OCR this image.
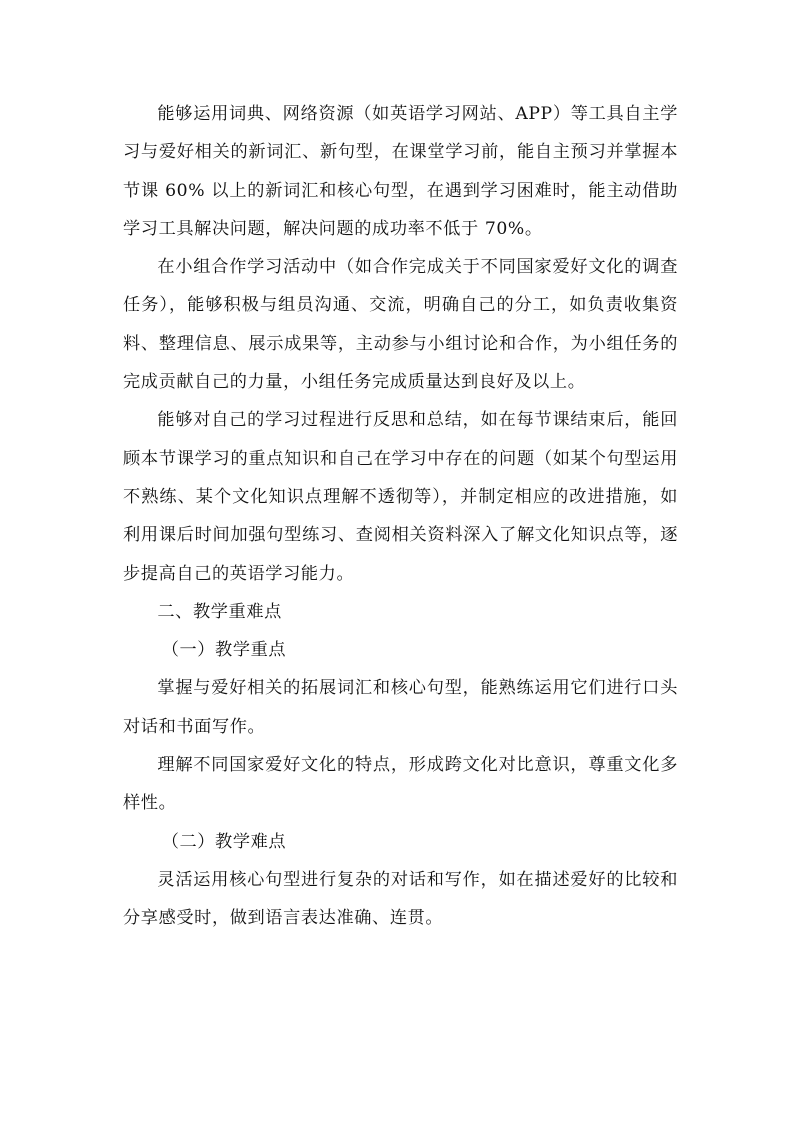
能够运用词典、网络资源（如英语学习网站、APP）等工具自主学习与爱好相关的新词汇、新句型，在课堂学习前，能自主预习并掌握本节课 60% 以上的新词汇和核心句型，在遇到学习困难时，能主动借助学习工具解决问题，解决问题的成功率不低于 70%。

在小组合作学习活动中（如合作完成关于不同国家爱好文化的调查任务），能够积极与组员沟通、交流，明确自己的分工，如负责收集资料、整理信息、展示成果等，主动参与小组讨论和合作，为小组任务的完成贡献自己的力量，小组任务完成质量达到良好及以上。

能够对自己的学习过程进行反思和总结，如在每节课结束后，能回顾本节课学习的重点知识和自己在学习中存在的问题（如某个句型运用不熟练、某个文化知识点理解不透彻等），并制定相应的改进措施，如利用课后时间加强句型练习、查阅相关资料深入了解文化知识点等，逐步提高自己的英语学习能力。

二、教学重难点

（一）教学重点

掌握与爱好相关的拓展词汇和核心句型，能熟练运用它们进行口头对话和书面写作。

理解不同国家爱好文化的特点，形成跨文化对比意识，尊重文化多样性。

（二）教学难点

灵活运用核心句型进行复杂的对话和写作，如在描述爱好的比较和分享感受时，做到语言表达准确、连贯。
